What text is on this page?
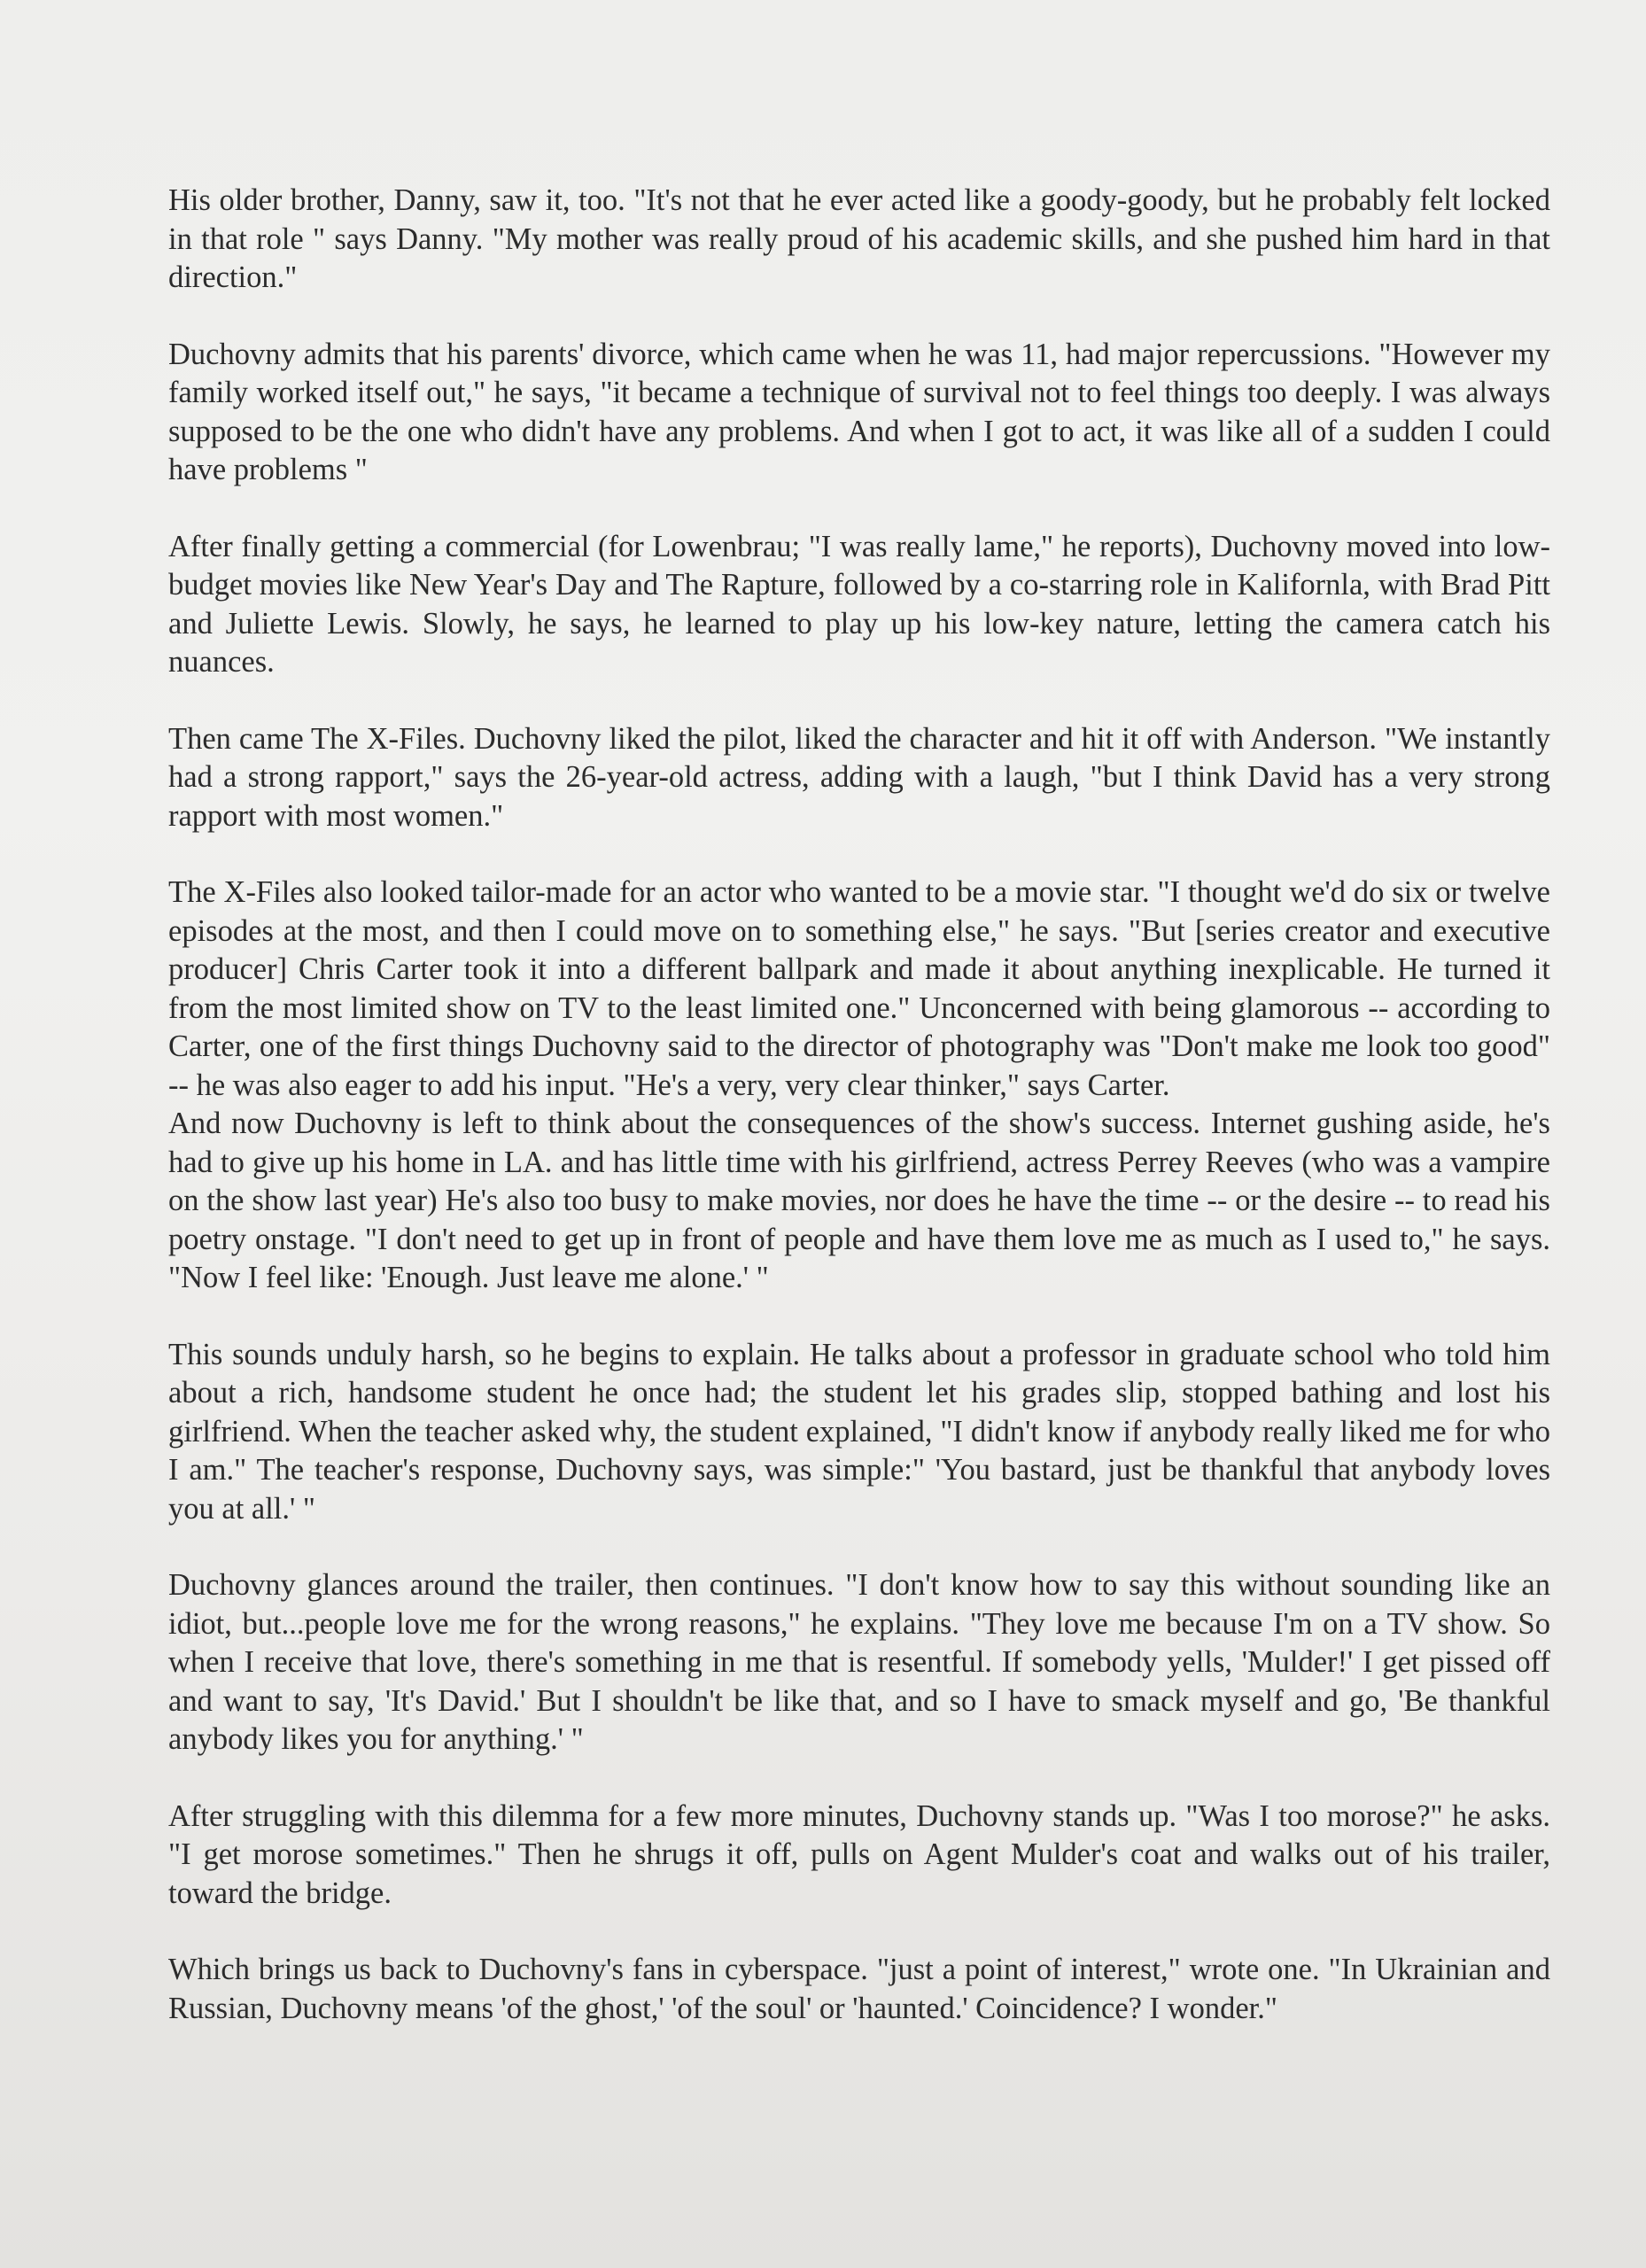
His older brother, Danny, saw it, too. "It's not that he ever acted like a goody-goody, but he probably felt locked in that role " says Danny. "My mother was really proud of his academic skills, and she pushed him hard in that direction."

Duchovny admits that his parents' divorce, which came when he was 11, had major repercussions. "However my family worked itself out," he says, "it became a technique of survival not to feel things too deeply. I was always supposed to be the one who didn't have any problems. And when I got to act, it was like all of a sudden I could have problems "

After finally getting a commercial (for Lowenbrau; "I was really lame," he reports), Duchovny moved into low-budget movies like New Year's Day and The Rapture, followed by a co-starring role in Kalifornla, with Brad Pitt and Juliette Lewis. Slowly, he says, he learned to play up his low-key nature, letting the camera catch his nuances.

Then came The X-Files. Duchovny liked the pilot, liked the character and hit it off with Anderson. "We instantly had a strong rapport," says the 26-year-old actress, adding with a laugh, "but I think David has a very strong rapport with most women."

The X-Files also looked tailor-made for an actor who wanted to be a movie star. "I thought we'd do six or twelve episodes at the most, and then I could move on to something else," he says. "But [series creator and executive producer] Chris Carter took it into a different ballpark and made it about anything inexplicable. He turned it from the most limited show on TV to the least limited one." Unconcerned with being glamorous -- according to Carter, one of the first things Duchovny said to the director of photography was "Don't make me look too good" -- he was also eager to add his input. "He's a very, very clear thinker," says Carter.

And now Duchovny is left to think about the consequences of the show's success. Internet gushing aside, he's had to give up his home in LA. and has little time with his girlfriend, actress Perrey Reeves (who was a vampire on the show last year) He's also too busy to make movies, nor does he have the time -- or the desire -- to read his poetry onstage. "I don't need to get up in front of people and have them love me as much as I used to," he says. "Now I feel like: 'Enough. Just leave me alone.' "

This sounds unduly harsh, so he begins to explain. He talks about a professor in graduate school who told him about a rich, handsome student he once had; the student let his grades slip, stopped bathing and lost his girlfriend. When the teacher asked why, the student explained, "I didn't know if anybody really liked me for who I am." The teacher's response, Duchovny says, was simple:" 'You bastard, just be thankful that anybody loves you at all.' "

Duchovny glances around the trailer, then continues. "I don't know how to say this without sounding like an idiot, but...people love me for the wrong reasons," he explains. "They love me because I'm on a TV show. So when I receive that love, there's something in me that is resentful. If somebody yells, 'Mulder!' I get pissed off and want to say, 'It's David.' But I shouldn't be like that, and so I have to smack myself and go, 'Be thankful anybody likes you for anything.' "

After struggling with this dilemma for a few more minutes, Duchovny stands up. "Was I too morose?" he asks. "I get morose sometimes." Then he shrugs it off, pulls on Agent Mulder's coat and walks out of his trailer, toward the bridge.

Which brings us back to Duchovny's fans in cyberspace. "just a point of interest," wrote one. "In Ukrainian and Russian, Duchovny means 'of the ghost,' 'of the soul' or 'haunted.' Coincidence? I wonder."
